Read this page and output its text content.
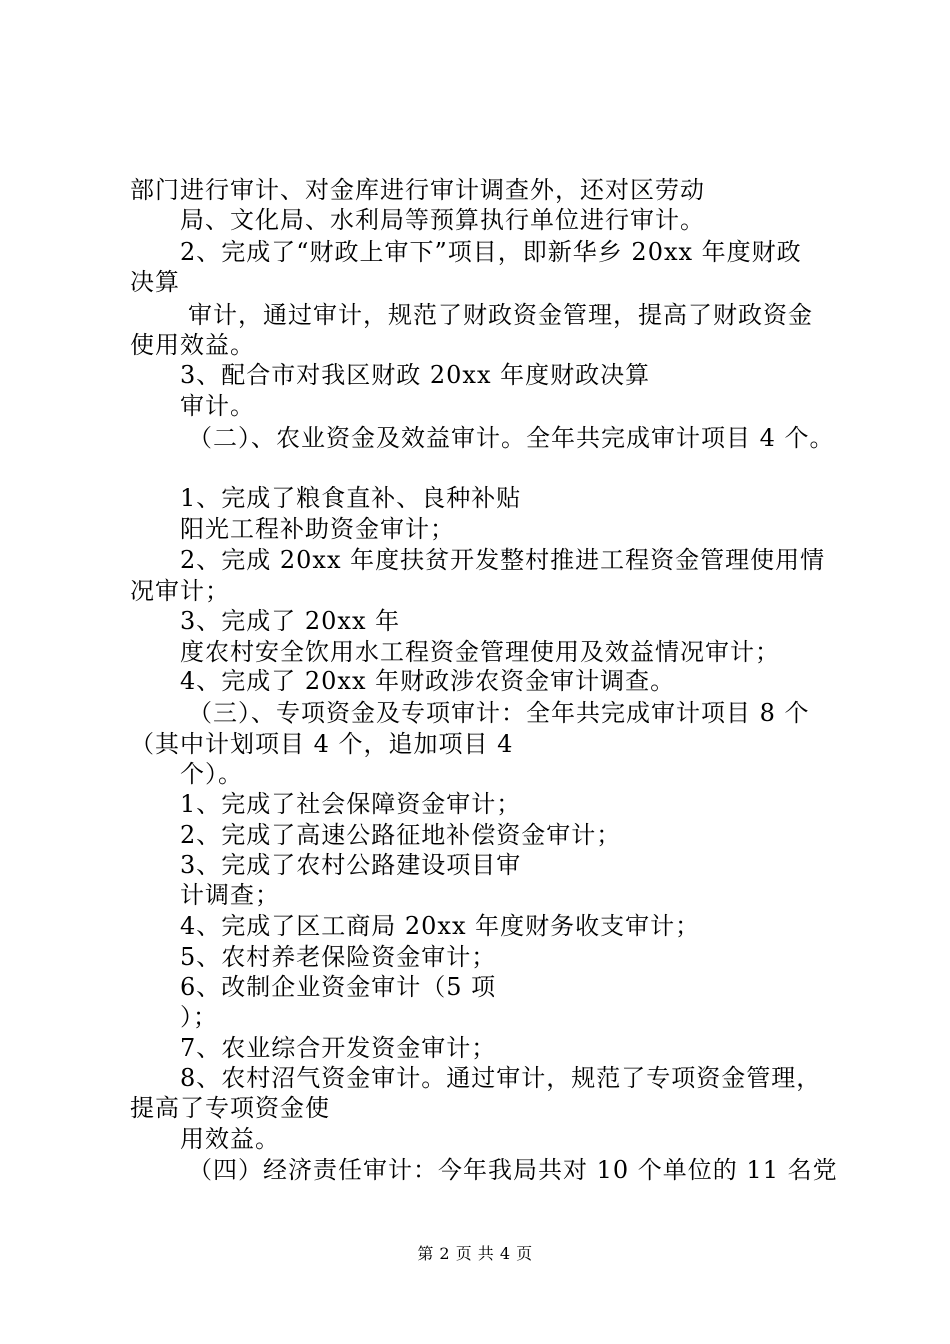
部门进行审计、对金库进行审计调查外，还对区劳动
局、文化局、水利局等预算执行单位进行审计。
2、完成了“财政上审下”项目，即新华乡 20xx 年度财政
决算
审计，通过审计，规范了财政资金管理，提高了财政资金
使用效益。
3、配合市对我区财政 20xx 年度财政决算
审计。
（二）、农业资金及效益审计。全年共完成审计项目 4 个。
1、完成了粮食直补、良种补贴
阳光工程补助资金审计；
2、完成 20xx 年度扶贫开发整村推进工程资金管理使用情
况审计；
3、完成了 20xx 年
度农村安全饮用水工程资金管理使用及效益情况审计；
4、完成了 20xx 年财政涉农资金审计调查。
（三）、专项资金及专项审计：全年共完成审计项目 8 个
（其中计划项目 4 个，追加项目 4
个）。
1、完成了社会保障资金审计；
2、完成了高速公路征地补偿资金审计；
3、完成了农村公路建设项目审
计调查；
4、完成了区工商局 20xx 年度财务收支审计；
5、农村养老保险资金审计；
6、改制企业资金审计（5 项
）；
7、农业综合开发资金审计；
8、农村沼气资金审计。通过审计，规范了专项资金管理，
提高了专项资金使
用效益。
（四）经济责任审计：今年我局共对 10 个单位的 11 名党
第 2 页 共 4 页
